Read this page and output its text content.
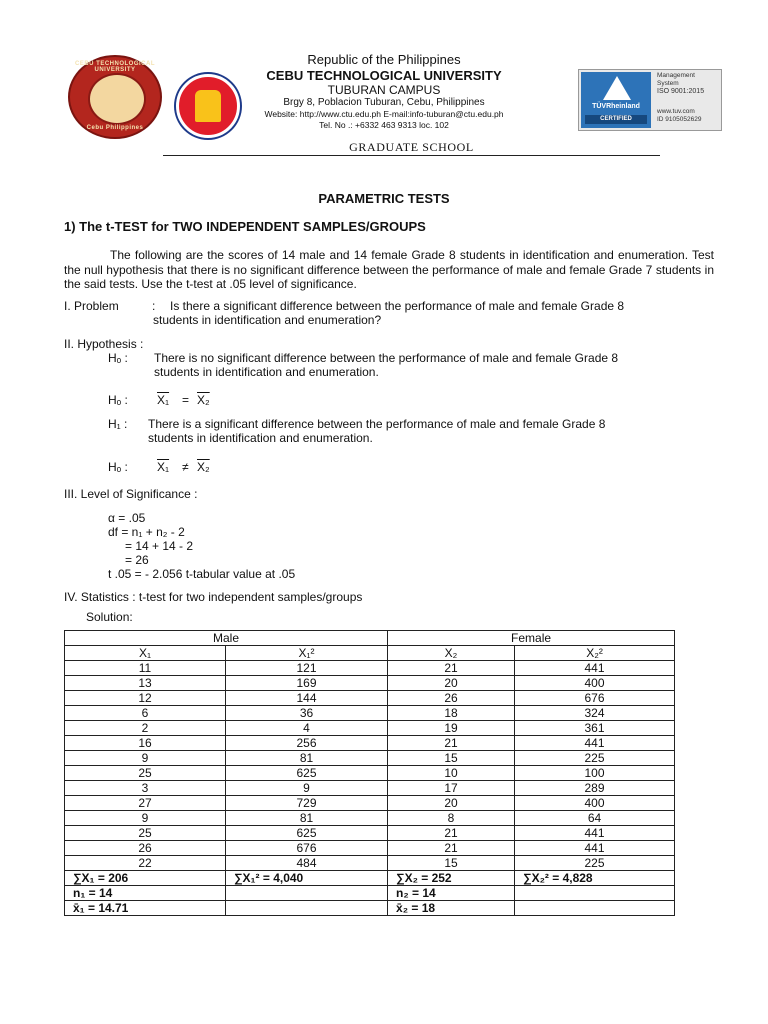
CEBU TECHNOLOGICAL UNIVERSITY
Cebu Philippines
TÜVRheinland
CERTIFIED
Management
System
ISO 9001:2015
www.tuv.com
ID 9105052629
Republic of the Philippines
CEBU TECHNOLOGICAL UNIVERSITY
TUBURAN CAMPUS
Brgy 8, Poblacion Tuburan, Cebu, Philippines
Website: http://www.ctu.edu.ph E-mail:info-tuburan@ctu.edu.ph
Tel. No .: +6332 463 9313 loc. 102
GRADUATE SCHOOL
PARAMETRIC TESTS
1) The t-TEST for TWO INDEPENDENT SAMPLES/GROUPS
The following are the scores of 14 male and 14 female Grade 8 students in identification and enumeration. Test the null hypothesis that there is no significant difference between the performance of male and female Grade 7 students in the said tests. Use the t-test at .05 level of significance.
I. Problem	: Is there a significant difference between the performance of male and female Grade 8
students in identification and enumeration?
II. Hypothesis :
Hₒ : There is no significant difference between the performance of male and female Grade 8
students in identification and enumeration.
Hₒ : X₁ = X₂
H₁ : There is a significant difference between the performance of male and female Grade 8
students in identification and enumeration.
Hₒ : X₁ ≠ X₂
III. Level of Significance :
α = .05
df = n₁ + n₂ - 2
= 14 + 14 - 2
= 26
t .05 = - 2.056 t-tabular value at .05
IV. Statistics : t-test for two independent samples/groups
Solution:
Male		Female	
X₁	X₁²	X₂	X₂²
11	121	21	441
13	169	20	400
12	144	26	676
6	36	18	324
2	4	19	361
16	256	21	441
9	81	15	225
25	625	10	100
3	9	17	289
27	729	20	400
9	81	8	64
25	625	21	441
26	676	21	441
22	484	15	225
∑X₁ = 206	∑X₁² = 4,040	∑X₂ = 252	∑X₂² = 4,828
n₁ = 14		n₂ = 14	
x̄₁ = 14.71		x̄₂ = 18	
